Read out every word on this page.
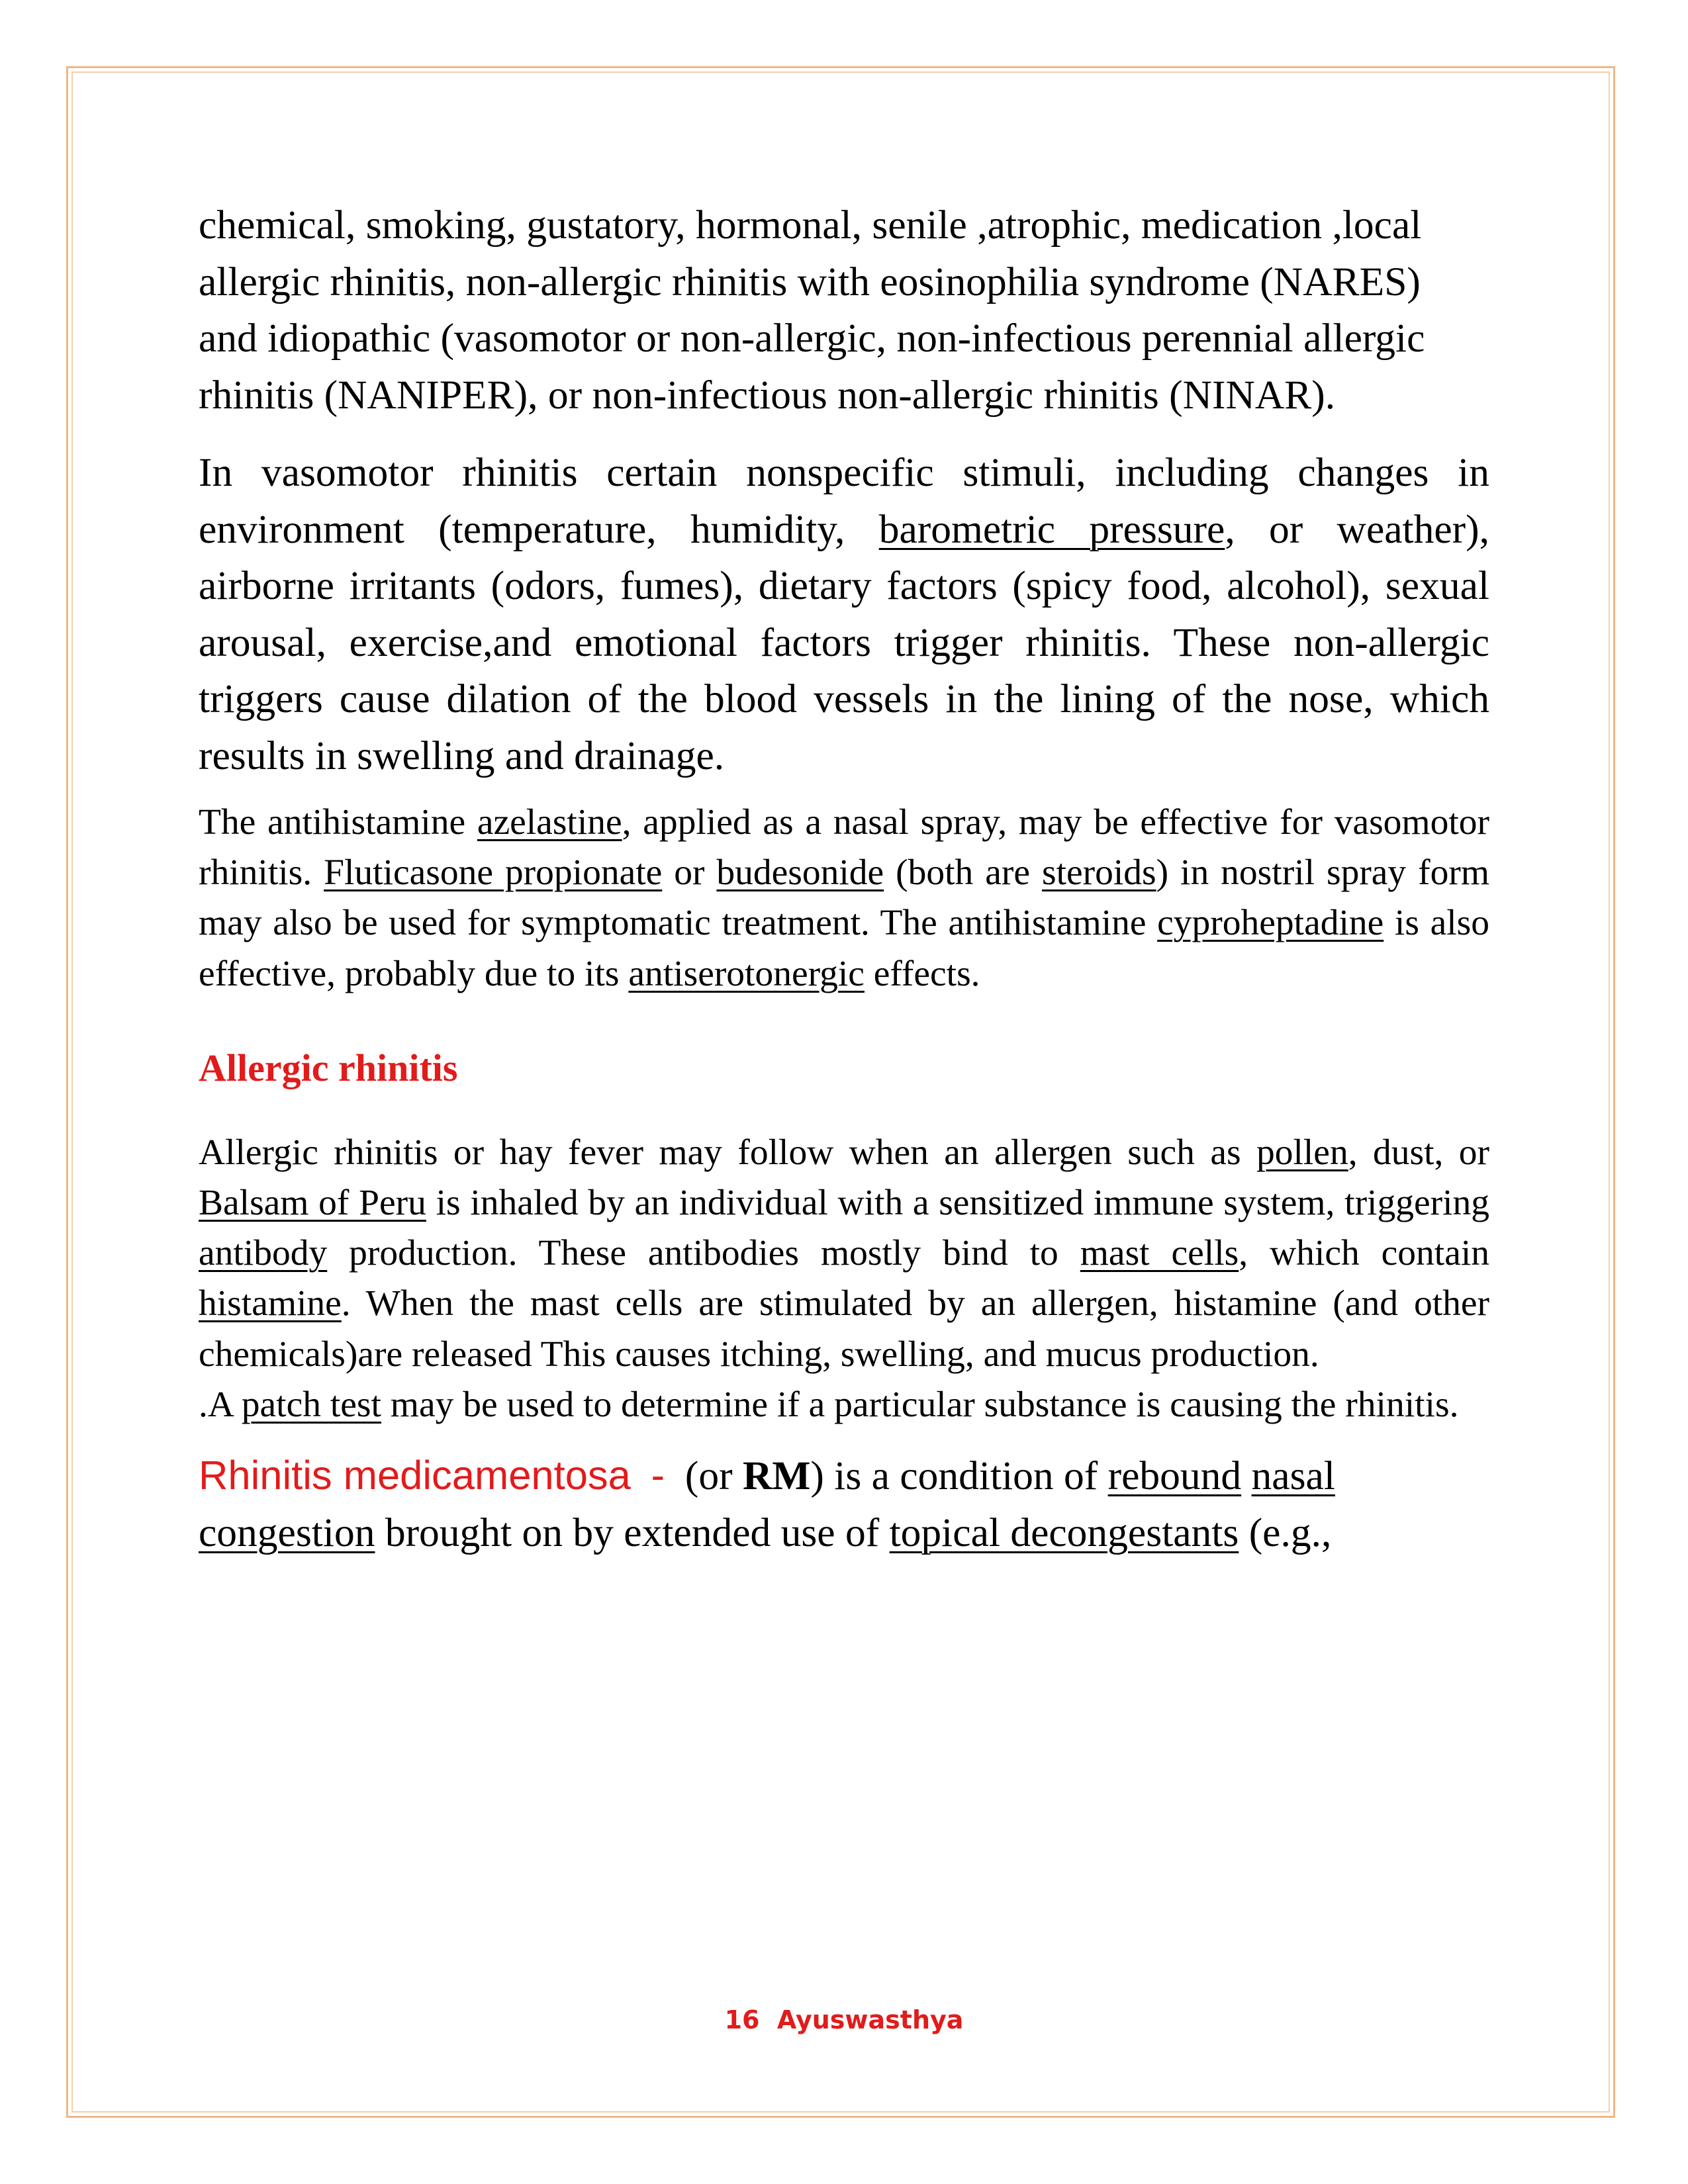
chemical, smoking, gustatory, hormonal, senile ,atrophic, medication ,local allergic rhinitis, non-allergic rhinitis with eosinophilia syndrome (NARES) and idiopathic (vasomotor or non-allergic, non-infectious perennial allergic rhinitis (NANIPER), or non-infectious non-allergic rhinitis (NINAR).

In vasomotor rhinitis certain nonspecific stimuli, including changes in environment (temperature, humidity, barometric pressure, or weather), airborne irritants (odors, fumes), dietary factors (spicy food, alcohol), sexual arousal, exercise,and emotional factors trigger rhinitis. These non-allergic triggers cause dilation of the blood vessels in the lining of the nose, which results in swelling and drainage.

The antihistamine azelastine, applied as a nasal spray, may be effective for vasomotor rhinitis. Fluticasone propionate or budesonide (both are steroids) in nostril spray form may also be used for symptomatic treatment. The antihistamine cyproheptadine is also effective, probably due to its antiserotonergic effects.

Allergic rhinitis

Allergic rhinitis or hay fever may follow when an allergen such as pollen, dust, or Balsam of Peru is inhaled by an individual with a sensitized immune system, triggering antibody production. These antibodies mostly bind to mast cells, which contain histamine. When the mast cells are stimulated by an allergen, histamine (and other chemicals)are released This causes itching, swelling, and mucus production.

.A patch test may be used to determine if a particular substance is causing the rhinitis.

Rhinitis medicamentosa -  (or RM) is a condition of rebound nasal congestion brought on by extended use of topical decongestants (e.g.,

16 Ayuswasthya
